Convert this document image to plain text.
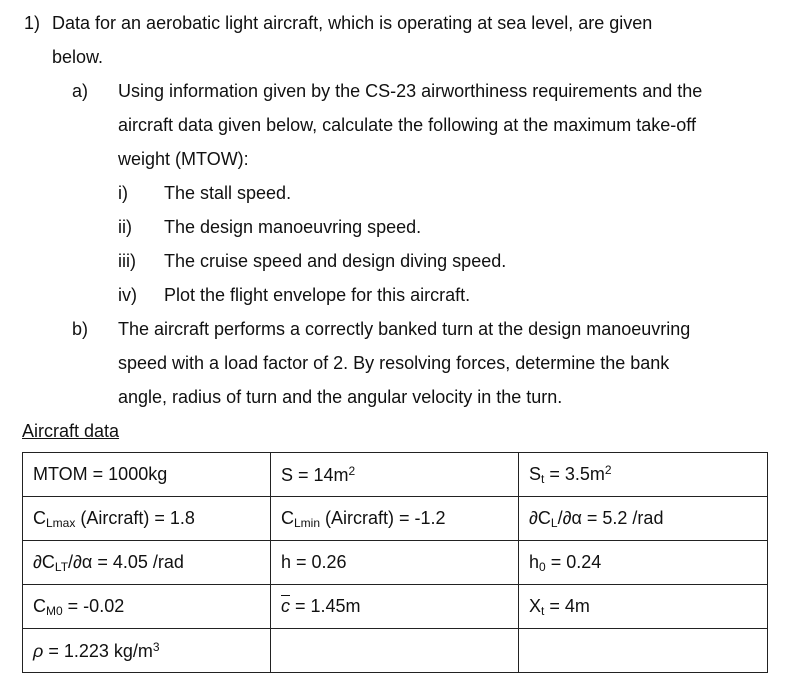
1) Data for an aerobatic light aircraft, which is operating at sea level, are given
below.
a) Using information given by the CS-23 airworthiness requirements and the
aircraft data given below, calculate the following at the maximum take-off
weight (MTOW):
i) The stall speed.
ii) The design manoeuvring speed.
iii) The cruise speed and design diving speed.
iv) Plot the flight envelope for this aircraft.
b) The aircraft performs a correctly banked turn at the design manoeuvring
speed with a load factor of 2. By resolving forces, determine the bank
angle, radius of turn and the angular velocity in the turn.
Aircraft data
MTOM = 1000kg	$S = 14m^2$	$S_t = 3.5m^2$
$C_{Lmax}$ (Aircraft) = 1.8	$C_{Lmin}$ (Aircraft) = -1.2	$\partial C_L/\partial\alpha = 5.2$ /rad
$\partial C_{LT}/\partial\alpha = 4.05$ /rad	h = 0.26	$h_0 = 0.24$
$C_{M0} = -0.02$	$\overline{c} = 1.45m$	$X_t = 4m$
ρ = 1.223 $kg/m^3$		
